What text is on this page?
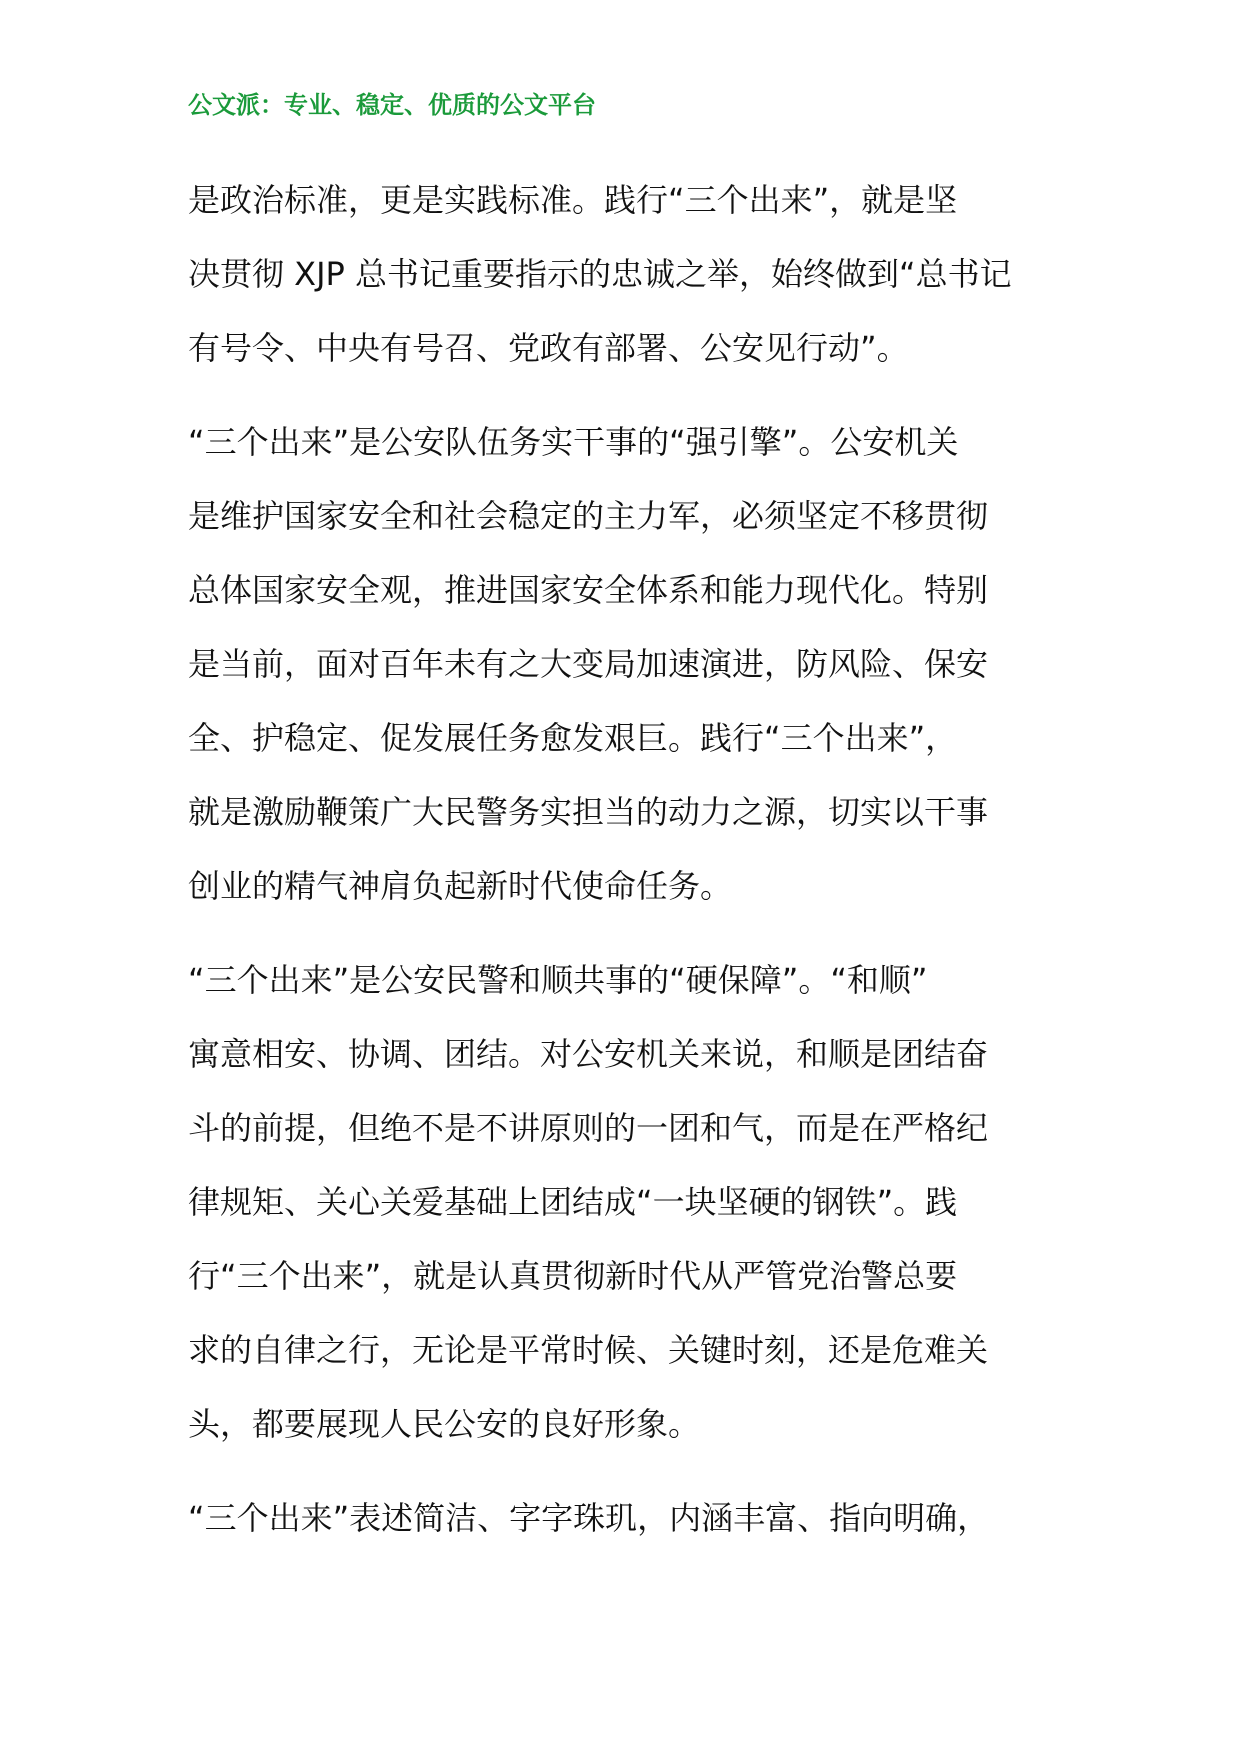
公文派：专业、稳定、优质的公文平台
是政治标准，更是实践标准。践行“三个出来”，就是坚
决贯彻 XJP 总书记重要指示的忠诚之举，始终做到“总书记
有号令、中央有号召、党政有部署、公安见行动”。
“三个出来”是公安队伍务实干事的“强引擎”。公安机关
是维护国家安全和社会稳定的主力军，必须坚定不移贯彻
总体国家安全观，推进国家安全体系和能力现代化。特别
是当前，面对百年未有之大变局加速演进，防风险、保安
全、护稳定、促发展任务愈发艰巨。践行“三个出来”，
就是激励鞭策广大民警务实担当的动力之源，切实以干事
创业的精气神肩负起新时代使命任务。
“三个出来”是公安民警和顺共事的“硬保障”。“和顺”
寓意相安、协调、团结。对公安机关来说，和顺是团结奋
斗的前提，但绝不是不讲原则的一团和气，而是在严格纪
律规矩、关心关爱基础上团结成“一块坚硬的钢铁”。践
行“三个出来”，就是认真贯彻新时代从严管党治警总要
求的自律之行，无论是平常时候、关键时刻，还是危难关
头，都要展现人民公安的良好形象。
“三个出来”表述简洁、字字珠玑，内涵丰富、指向明确，
